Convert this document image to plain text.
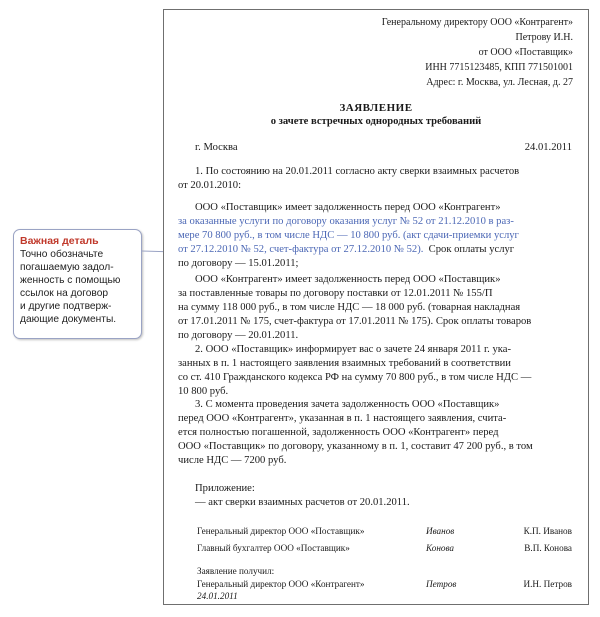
Важная деталь
Точно обозначьте
погашаемую задол-
женность с помощью
ссылок на договор
и другие подтверж-
дающие документы.
Генеральному директору ООО «Контрагент»
Петрову И.Н.
от ООО «Поставщик»
ИНН 7715123485, КПП 771501001
Адрес: г. Москва, ул. Лесная, д. 27
ЗАЯВЛЕНИЕ
о зачете встречных однородных требований
г. Москва	24.01.2011
1. По состоянию на 20.01.2011 согласно акту сверки взаимных расчетов
от 20.01.2010:
ООО «Поставщик» имеет задолженность перед ООО «Контрагент»
за оказанные услуги по договору оказания услуг № 52 от 21.12.2010 в раз-
мере 70 800 руб., в том числе НДС — 10 800 руб. (акт сдачи-приемки услуг
от 27.12.2010 № 52, счет-фактура от 27.12.2010 № 52). Срок оплаты услуг
по договору — 15.01.2011;
ООО «Контрагент» имеет задолженность перед ООО «Поставщик»
за поставленные товары по договору поставки от 12.01.2011 № 155/П
на сумму 118 000 руб., в том числе НДС — 18 000 руб. (товарная накладная
от 17.01.2011 № 175, счет-фактура от 17.01.2011 № 175). Срок оплаты товаров
по договору — 20.01.2011.
2. ООО «Поставщик» информирует вас о зачете 24 января 2011 г. ука-
занных в п. 1 настоящего заявления взаимных требований в соответствии
со ст. 410 Гражданского кодекса РФ на сумму 70 800 руб., в том числе НДС —
10 800 руб.
3. С момента проведения зачета задолженность ООО «Поставщик»
перед ООО «Контрагент», указанная в п. 1 настоящего заявления, счита-
ется полностью погашенной, задолженность ООО «Контрагент» перед
ООО «Поставщик» по договору, указанному в п. 1, составит 47 200 руб., в том
числе НДС — 7200 руб.
Приложение:
— акт сверки взаимных расчетов от 20.01.2011.
Генеральный директор ООО «Поставщик»	Иванов	К.П. Иванов
Главный бухгалтер ООО «Поставщик»	Конова	В.П. Конова
Заявление получил:
Генеральный директор ООО «Контрагент»	Петров	И.Н. Петров
24.01.2011
